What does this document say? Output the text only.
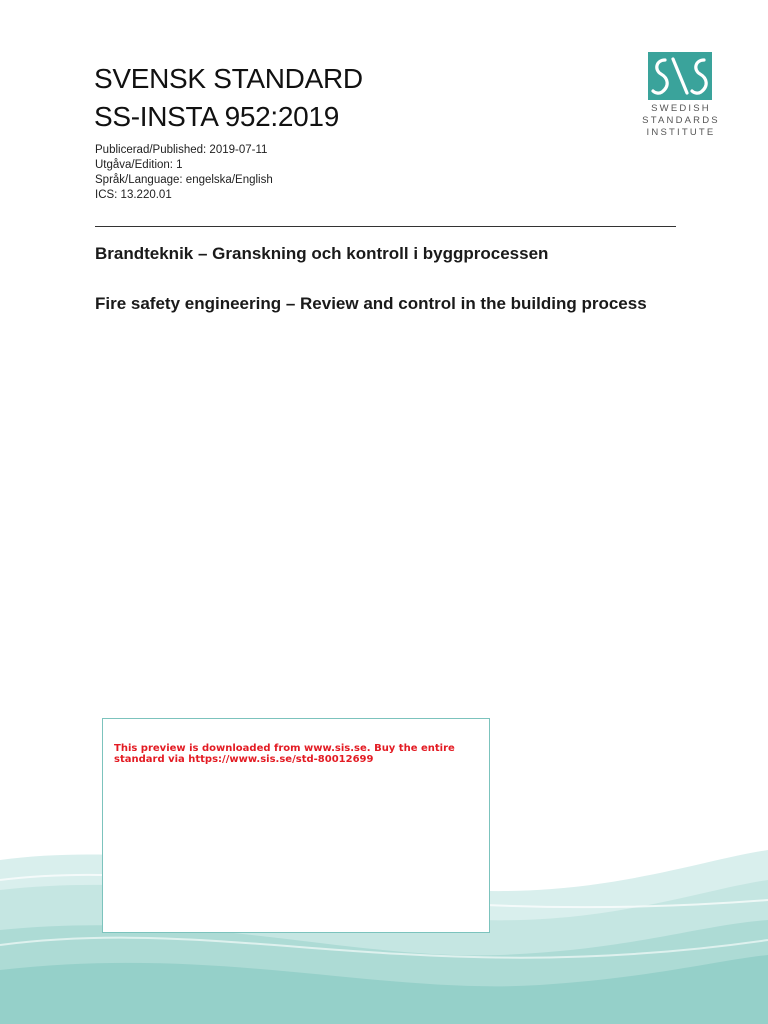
SVENSK STANDARD
SS-INSTA 952:2019
Publicerad/Published: 2019-07-11
Utgåva/Edition: 1
Språk/Language: engelska/English
ICS: 13.220.01
SWEDISH
STANDARDS
INSTITUTE
Brandteknik – Granskning och kontroll i byggprocessen
Fire safety engineering – Review and control in the building process
This preview is downloaded from www.sis.se. Buy the entire standard via https://www.sis.se/std-80012699
